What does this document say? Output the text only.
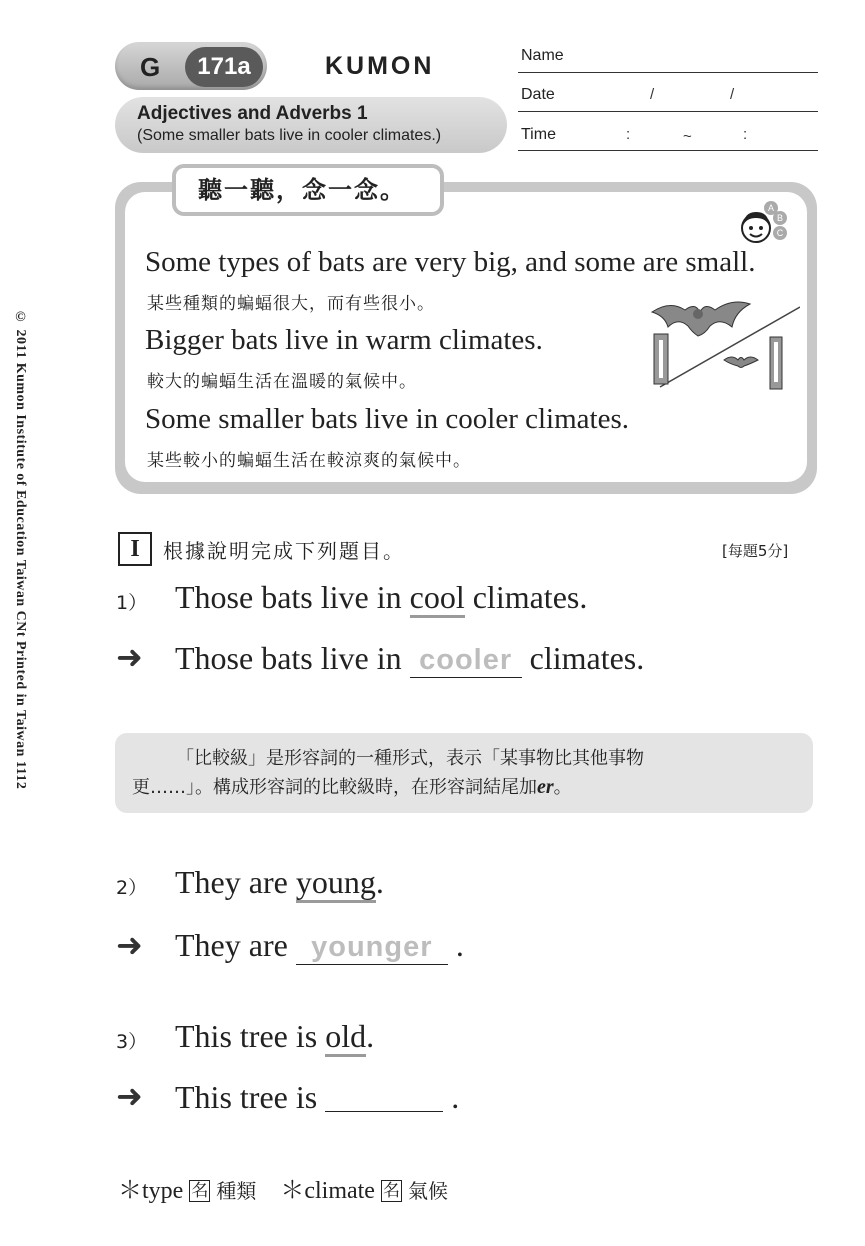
G	171a	KUMON
Adjectives and Adverbs 1
(Some smaller bats live in cooler climates.)
Name
Date	/	/
Time	:	~	:
© 2011 Kumon Institute of Education Taiwan CNt Printed in Taiwan 1112
聽一聽，念一念。
A
B
C
Some types of bats are very big, and some are small.
某些種類的蝙蝠很大，而有些很小。
Bigger bats live in warm climates.
較大的蝙蝠生活在溫暖的氣候中。
Some smaller bats live in cooler climates.
某些較小的蝙蝠生活在較涼爽的氣候中。
I	根據說明完成下列題目。	[每題5分]
1） Those bats live in cool climates.
➜ Those bats live in cooler climates.
「比較級」是形容詞的一種形式，表示「某事物比其他事物
更……」。構成形容詞的比較級時，在形容詞結尾加er。
2） They are young.
➜ They are younger .
3） This tree is old.
➜ This tree is	.
＊type 名 種類 ＊climate 名 氣候
